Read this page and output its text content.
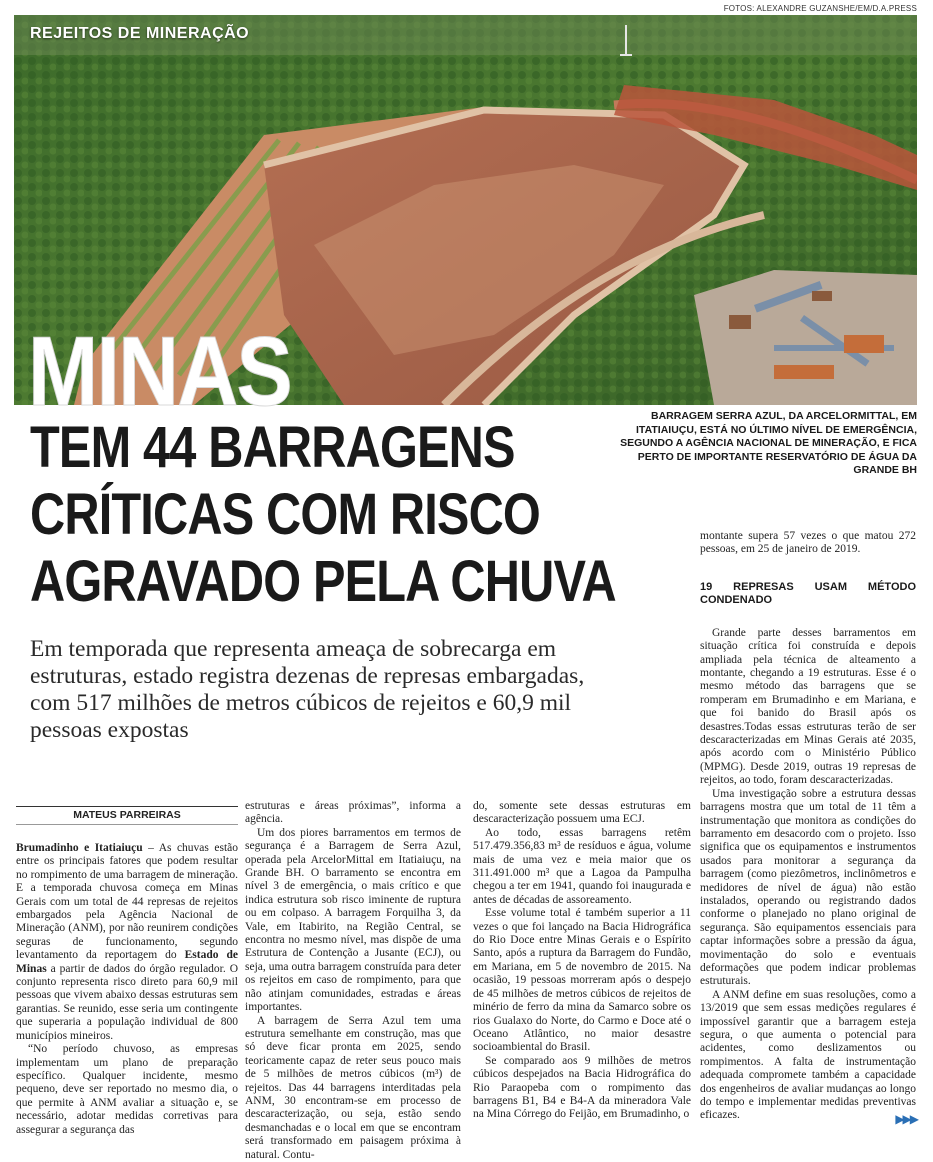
FOTOS: ALEXANDRE GUZANSHE/EM/D.A.PRESS
REJEITOS DE MINERAÇÃO
MINAS
TEM 44 BARRAGENS
CRÍTICAS COM RISCO
AGRAVADO PELA CHUVA
BARRAGEM SERRA AZUL, DA ARCELORMITTAL, EM ITATIAIUÇU, ESTÁ NO ÚLTIMO NÍVEL DE EMERGÊNCIA, SEGUNDO A AGÊNCIA NACIONAL DE MINERAÇÃO, E FICA PERTO DE IMPORTANTE RESERVATÓRIO DE ÁGUA DA GRANDE BH
Em temporada que representa ameaça de sobrecarga em estruturas, estado registra dezenas de represas embargadas, com 517 milhões de metros cúbicos de rejeitos e 60,9 mil pessoas expostas
MATEUS PARREIRAS

Brumadinho e Itatiaiuçu – As chuvas estão entre os principais fatores que podem resultar no rompimento de uma barragem de mineração. E a temporada chuvosa começa em Minas Gerais com um total de 44 represas de rejeitos embargados pela Agência Nacional de Mineração (ANM), por não reunirem condições seguras de funcionamento, segundo levantamento da reportagem do Estado de Minas a partir de dados do órgão regulador. O conjunto representa risco direto para 60,9 mil pessoas que vivem abaixo dessas estruturas sem garantias. Se reunido, esse seria um contingente que superaria a população individual de 800 municípios mineiros.

“No período chuvoso, as empresas implementam um plano de preparação específico. Qualquer incidente, mesmo pequeno, deve ser reportado no mesmo dia, o que permite à ANM avaliar a situação e, se necessário, adotar medidas corretivas para assegurar a segurança das

estruturas e áreas próximas”, informa a agência.

Um dos piores barramentos em termos de segurança é a Barragem de Serra Azul, operada pela ArcelorMittal em Itatiaiuçu, na Grande BH. O barramento se encontra em nível 3 de emergência, o mais crítico e que indica estrutura sob risco iminente de ruptura ou em colpaso. A barragem Forquilha 3, da Vale, em Itabirito, na Região Central, se encontra no mesmo nível, mas dispõe de uma Estrutura de Contenção a Jusante (ECJ), ou seja, uma outra barragem construída para deter os rejeitos em caso de rompimento, para que não atinjam comunidades, estradas e áreas importantes.

A barragem de Serra Azul tem uma estrutura semelhante em construção, mas que só deve ficar pronta em 2025, sendo teoricamente capaz de reter seus pouco mais de 5 milhões de metros cúbicos (m³) de rejeitos. Das 44 barragens interditadas pela ANM, 30 encontram-se em processo de descaracterização, ou seja, estão sendo desmanchadas e o local em que se encontram será transformado em paisagem próxima à natural. Contu-

do, somente sete dessas estruturas em descaracterização possuem uma ECJ.

Ao todo, essas barragens retêm 517.479.356,83 m³ de resíduos e água, volume mais de uma vez e meia maior que os 311.491.000 m³ que a Lagoa da Pampulha chegou a ter em 1941, quando foi inaugurada e antes de décadas de assoreamento.

Esse volume total é também superior a 11 vezes o que foi lançado na Bacia Hidrográfica do Rio Doce entre Minas Gerais e o Espírito Santo, após a ruptura da Barragem do Fundão, em Mariana, em 5 de novembro de 2015. Na ocasião, 19 pessoas morreram após o despejo de 45 milhões de metros cúbicos de rejeitos de minério de ferro da mina da Samarco sobre os rios Gualaxo do Norte, do Carmo e Doce até o Oceano Atlântico, no maior desastre socioambiental do Brasil.

Se comparado aos 9 milhões de metros cúbicos despejados na Bacia Hidrográfica do Rio Paraopeba com o rompimento das barragens B1, B4 e B4-A da mineradora Vale na Mina Córrego do Feijão, em Brumadinho, o

montante supera 57 vezes o que matou 272 pessoas, em 25 de janeiro de 2019.

19 REPRESAS USAM MÉTODO CONDENADO

Grande parte desses barramentos em situação crítica foi construída e depois ampliada pela técnica de alteamento a montante, chegando a 19 estruturas. Esse é o mesmo método das barragens que se romperam em Brumadinho e em Mariana, e que foi banido do Brasil após os desastres.Todas essas estruturas terão de ser descaracterizadas em Minas Gerais até 2035, após acordo com o Ministério Público (MPMG). Desde 2019, outras 19 represas de rejeitos, ao todo, foram descaracterizadas.

Uma investigação sobre a estrutura dessas barragens mostra que um total de 11 têm a instrumentação que monitora as condições do barramento em desacordo com o projeto. Isso significa que os equipamentos e instrumentos usados para monitorar a segurança da barragem (como piezômetros, inclinômetros e medidores de nível de água) não estão instalados, operando ou registrando dados conforme o planejado no plano original de segurança. São equipamentos essenciais para captar informações sobre a pressão da água, movimentação do solo e eventuais deformações que podem indicar problemas estruturais.

A ANM define em suas resoluções, como a 13/2019 que sem essas medições regulares é impossível garantir que a barragem esteja segura, o que aumenta o potencial para acidentes, como deslizamentos ou rompimentos. A falta de instrumentação adequada compromete também a capacidade dos engenheiros de avaliar mudanças ao longo do tempo e implementar medidas preventivas eficazes.	▶▶▶
